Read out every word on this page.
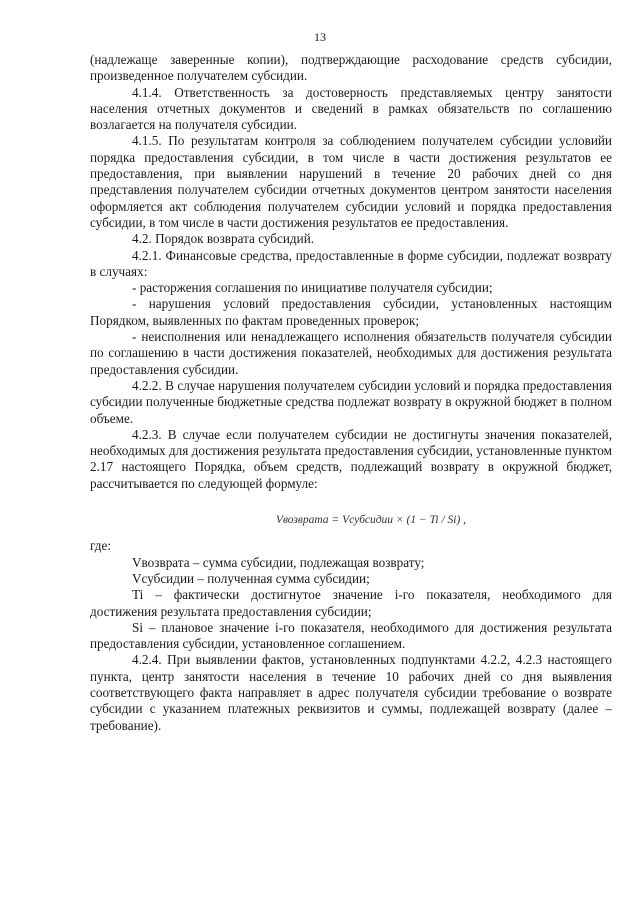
13

(надлежаще заверенные копии), подтверждающие расходование средств субсидии, произведенное получателем субсидии.

4.1.4. Ответственность за достоверность представляемых центру занятости населения отчетных документов и сведений в рамках обязательств по соглашению возлагается на получателя субсидии.

4.1.5. По результатам контроля за соблюдением получателем субсидии условийи порядка предоставления субсидии, в том числе в части достижения результатов ее предоставления, при выявлении нарушений в течение 20 рабочих дней со дня представления получателем субсидии отчетных документов центром занятости населения оформляется акт соблюдения получателем субсидии условий и порядка предоставления субсидии, в том числе в части достижения результатов ее предоставления.

4.2. Порядок возврата субсидий.

4.2.1. Финансовые средства, предоставленные в форме субсидии, подлежат возврату в случаях:

- расторжения соглашения по инициативе получателя субсидии;

- нарушения условий предоставления субсидии, установленных настоящим Порядком, выявленных по фактам проведенных проверок;

- неисполнения или ненадлежащего исполнения обязательств получателя субсидии по соглашению в части достижения показателей, необходимых для достижения результата предоставления субсидии.

4.2.2. В случае нарушения получателем субсидии условий и порядка предоставления субсидии полученные бюджетные средства подлежат возврату в окружной бюджет в полном объеме.

4.2.3. В случае если получателем субсидии не достигнуты значения показателей, необходимых для достижения результата предоставления субсидии, установленные пунктом 2.17 настоящего Порядка, объем средств, подлежащий возврату в окружной бюджет, рассчитывается по следующей формуле:

Vвозврата = Vсубсидии × (1 − Ti / Si) ,

где:

Vвозврата – сумма субсидии, подлежащая возврату;

Vсубсидии – полученная сумма субсидии;

Ti – фактически достигнутое значение i-го показателя, необходимого для достижения результата предоставления субсидии;

Si – плановое значение i-го показателя, необходимого для достижения результата предоставления субсидии, установленное соглашением.

4.2.4. При выявлении фактов, установленных подпунктами 4.2.2, 4.2.3 настоящего пункта, центр занятости населения в течение 10 рабочих дней со дня выявления соответствующего факта направляет в адрес получателя субсидии требование о возврате субсидии с указанием платежных реквизитов и суммы, подлежащей возврату (далее – требование).
